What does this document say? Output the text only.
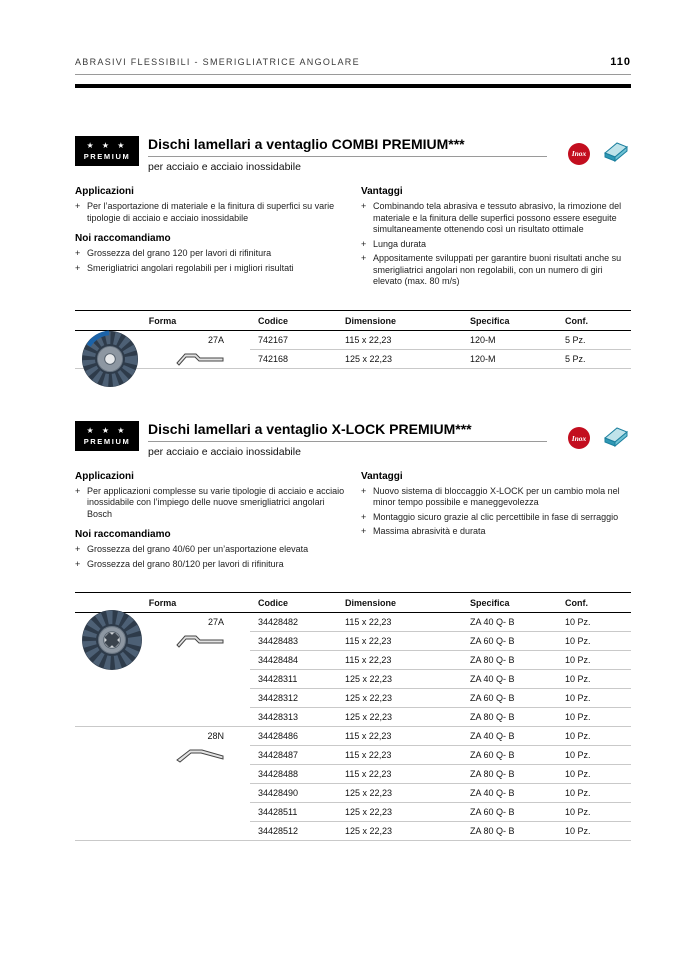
ABRASIVI FLESSIBILI - SMERIGLIATRICE ANGOLARE	110
★ ★ ★
PREMIUM
Dischi lamellari a ventaglio COMBI PREMIUM***
per acciaio e acciaio inossidabile
Inox
Applicazioni
+ Per l’asportazione di materiale e la finitura di superfici su varie tipologie di acciaio e acciaio inossidabile
Noi raccomandiamo
+ Grossezza del grano 120 per lavori di rifinitura
+ Smerigliatrici angolari regolabili per i migliori risultati
Vantaggi
+ Combinando tela abrasiva e tessuto abrasivo, la rimozione del materiale e la finitura delle superfici possono essere eseguite simultaneamente ottenendo così un risultato ottimale
+ Lunga durata
+ Appositamente sviluppati per garantire buoni risultati anche su smerigliatrici angolari non regolabili, con un numero di giri elevato (max. 80 m/s)
Forma	Codice	Dimensione	Specifica	Conf.

27A	742167	115 x 22,23	120-M	5 Pz.
	742168	125 x 22,23	120-M	5 Pz.
★ ★ ★
PREMIUM
Dischi lamellari a ventaglio X-LOCK PREMIUM***
per acciaio e acciaio inossidabile
Inox
Applicazioni
+ Per applicazioni complesse su varie tipologie di acciaio e acciaio inossidabile con l’impiego delle nuove smerigliatrici angolari Bosch
Noi raccomandiamo
+ Grossezza del grano 40/60 per un’asportazione elevata
+ Grossezza del grano 80/120 per lavori di rifinitura
Vantaggi
+ Nuovo sistema di bloccaggio X-LOCK per un cambio mola nel minor tempo possibile e maneggevolezza
+ Montaggio sicuro grazie al clic percettibile in fase di serraggio
+ Massima abrasività e durata
Forma	Codice	Dimensione	Specifica	Conf.

27A	34428482	115 x 22,23	ZA 40 Q- B	10 Pz.
	34428483	115 x 22,23	ZA 60 Q- B	10 Pz.
	34428484	115 x 22,23	ZA 80 Q- B	10 Pz.
	34428311	125 x 22,23	ZA 40 Q- B	10 Pz.
	34428312	125 x 22,23	ZA 60 Q- B	10 Pz.
	34428313	125 x 22,23	ZA 80 Q- B	10 Pz.

28N	34428486	115 x 22,23	ZA 40 Q- B	10 Pz.
	34428487	115 x 22,23	ZA 60 Q- B	10 Pz.
	34428488	115 x 22,23	ZA 80 Q- B	10 Pz.
	34428490	125 x 22,23	ZA 40 Q- B	10 Pz.
	34428511	125 x 22,23	ZA 60 Q- B	10 Pz.
	34428512	125 x 22,23	ZA 80 Q- B	10 Pz.
